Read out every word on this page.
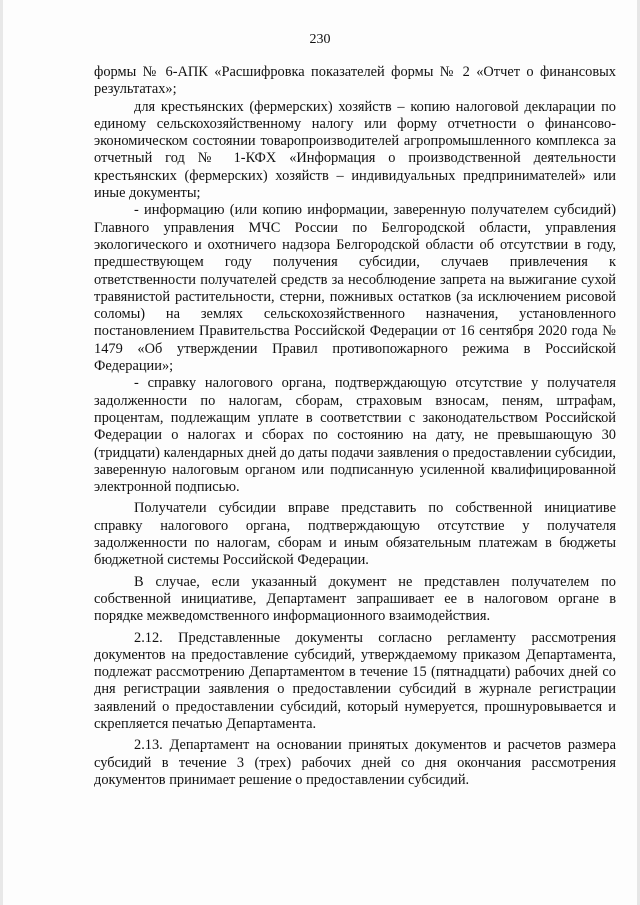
230

формы № 6-АПК «Расшифровка показателей формы № 2 «Отчет о финансовых результатах»;

для крестьянских (фермерских) хозяйств – копию налоговой декларации по единому сельскохозяйственному налогу или форму отчетности о финансово-экономическом состоянии товаропроизводителей агропромышленного комплекса за отчетный год № 1-КФХ «Информация о производственной деятельности крестьянских (фермерских) хозяйств – индивидуальных предпринимателей» или иные документы;

- информацию (или копию информации, заверенную получателем субсидий) Главного управления МЧС России по Белгородской области, управления экологического и охотничего надзора Белгородской области об отсутствии в году, предшествующем году получения субсидии, случаев привлечения к ответственности получателей средств за несоблюдение запрета на выжигание сухой травянистой растительности, стерни, пожнивых остатков (за исключением рисовой соломы) на землях сельскохозяйственного назначения, установленного постановлением Правительства Российской Федерации от 16 сентября 2020 года № 1479 «Об утверждении Правил противопожарного режима в Российской Федерации»;

- справку налогового органа, подтверждающую отсутствие у получателя задолженности по налогам, сборам, страховым взносам, пеням, штрафам, процентам, подлежащим уплате в соответствии с законодательством Российской Федерации о налогах и сборах по состоянию на дату, не превышающую 30 (тридцати) календарных дней до даты подачи заявления о предоставлении субсидии, заверенную налоговым органом или подписанную усиленной квалифицированной электронной подписью.

Получатели субсидии вправе представить по собственной инициативе справку налогового органа, подтверждающую отсутствие у получателя задолженности по налогам, сборам и иным обязательным платежам в бюджеты бюджетной системы Российской Федерации.

В случае, если указанный документ не представлен получателем по собственной инициативе, Департамент запрашивает ее в налоговом органе в порядке межведомственного информационного взаимодействия.

2.12. Представленные документы согласно регламенту рассмотрения документов на предоставление субсидий, утверждаемому приказом Департамента, подлежат рассмотрению Департаментом в течение 15 (пятнадцати) рабочих дней со дня регистрации заявления о предоставлении субсидий в журнале регистрации заявлений о предоставлении субсидий, который нумеруется, прошнуровывается и скрепляется печатью Департамента.

2.13. Департамент на основании принятых документов и расчетов размера субсидий в течение 3 (трех) рабочих дней со дня окончания рассмотрения документов принимает решение о предоставлении субсидий.
